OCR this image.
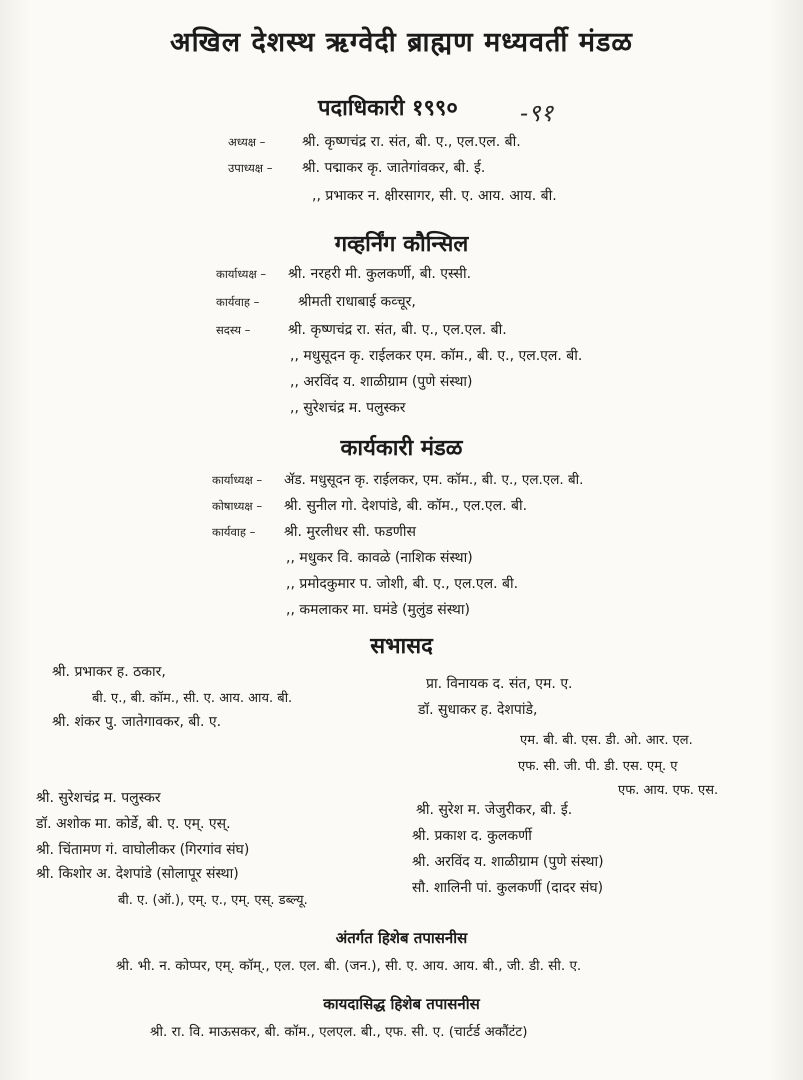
अखिल देशस्थ ऋग्वेदी ब्राह्मण मध्यवर्ती मंडळ
पदाधिकारी १९९०	-९१
अध्यक्ष –	श्री. कृष्णचंद्र रा. संत, बी. ए., एल.एल. बी.
उपाध्यक्ष – श्री. पद्माकर कृ. जातेगांवकर, बी. ई.
,, प्रभाकर न. क्षीरसागर, सी. ए. आय. आय. बी.
गव्हर्निंग कौन्सिल
कार्याध्यक्ष – श्री. नरहरी मी. कुलकर्णी, बी. एस्सी.
कार्यवाह –	श्रीमती राधाबाई कव्चूर,
सदस्य –	श्री. कृष्णचंद्र रा. संत, बी. ए., एल.एल. बी.
,, मधुसूदन कृ. राईलकर एम. कॉम., बी. ए., एल.एल. बी.
,, अरविंद य. शाळीग्राम (पुणे संस्था)
,, सुरेशचंद्र म. पलुस्कर
कार्यकारी मंडळ
कार्याध्यक्ष – ॲड. मधुसूदन कृ. राईलकर, एम. कॉम., बी. ए., एल.एल. बी.
कोषाध्यक्ष – श्री. सुनील गो. देशपांडे, बी. कॉम., एल.एल. बी.
कार्यवाह – श्री. मुरलीधर सी. फडणीस
,, मधुकर वि. कावळे (नाशिक संस्था)
,, प्रमोदकुमार प. जोशी, बी. ए., एल.एल. बी.
,, कमलाकर मा. घमंडे (मुलुंड संस्था)
सभासद
श्री. प्रभाकर ह. ठकार,
बी. ए., बी. कॉम., सी. ए. आय. आय. बी.
श्री. शंकर पु. जातेगावकर, बी. ए.
श्री. सुरेशचंद्र म. पलुस्कर
डॉ. अशोक मा. कोर्डे, बी. ए. एम्. एस्.
श्री. चिंतामण गं. वाघोलीकर (गिरगांव संघ)
श्री. किशोर अ. देशपांडे (सोलापूर संस्था)
बी. ए. (ऑ.), एम्. ए., एम्. एस्. डब्ल्यू.
प्रा. विनायक द. संत, एम. ए.
डॉ. सुधाकर ह. देशपांडे,
एम. बी. बी. एस. डी. ओ. आर. एल.
एफ. सी. जी. पी. डी. एस. एम्. ए
एफ. आय. एफ. एस.
श्री. सुरेश म. जेजुरीकर, बी. ई.
श्री. प्रकाश द. कुलकर्णी
श्री. अरविंद य. शाळीग्राम (पुणे संस्था)
सौ. शालिनी पां. कुलकर्णी (दादर संघ)
अंतर्गत हिशेब तपासनीस
श्री. भी. न. कोप्पर, एम्. कॉम्., एल. एल. बी. (जन.), सी. ए. आय. आय. बी., जी. डी. सी. ए.
कायदासिद्ध हिशेब तपासनीस
श्री. रा. वि. माऊसकर, बी. कॉम., एलएल. बी., एफ. सी. ए. (चार्टर्ड अकौंटंट)
